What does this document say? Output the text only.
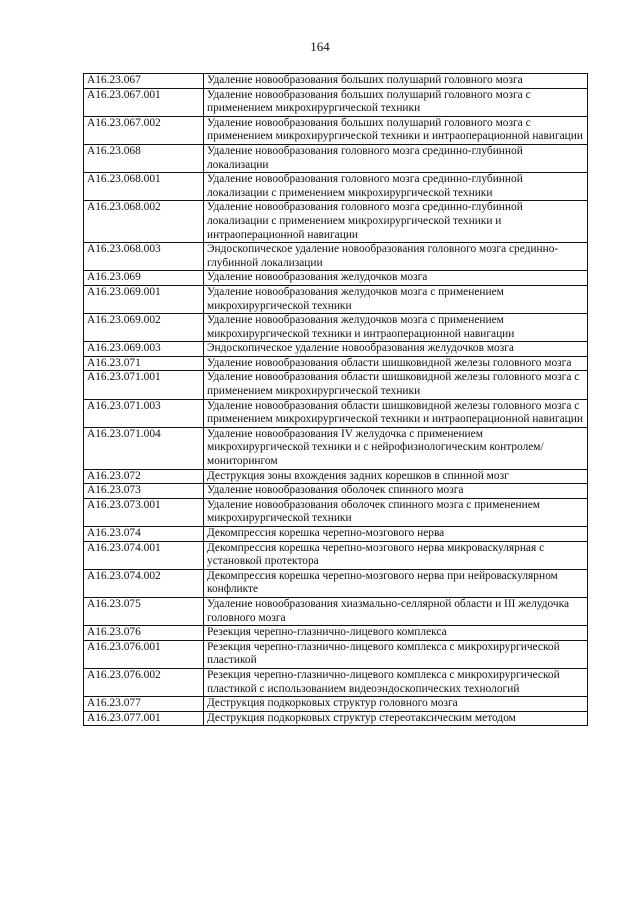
164
A16.23.067	Удаление новообразования больших полушарий головного мозга
A16.23.067.001	Удаление новообразования больших полушарий головного мозга с применением микрохирургической техники
A16.23.067.002	Удаление новообразования больших полушарий головного мозга с применением микрохирургической техники и интраоперационной навигации
A16.23.068	Удаление новообразования головного мозга срединно-глубинной локализации
A16.23.068.001	Удаление новообразования головного мозга срединно-глубинной локализации с применением микрохирургической техники
A16.23.068.002	Удаление новообразования головного мозга срединно-глубинной локализации с применением микрохирургической техники и интраоперационной навигации
A16.23.068.003	Эндоскопическое удаление новообразования головного мозга срединно-глубинной локализации
A16.23.069	Удаление новообразования желудочков мозга
A16.23.069.001	Удаление новообразования желудочков мозга с применением микрохирургической техники
A16.23.069.002	Удаление новообразования желудочков мозга с применением микрохирургической техники и интраоперационной навигации
A16.23.069.003	Эндоскопическое удаление новообразования желудочков мозга
A16.23.071	Удаление новообразования области шишковидной железы головного мозга
A16.23.071.001	Удаление новообразования области шишковидной железы головного мозга с применением микрохирургической техники
A16.23.071.003	Удаление новообразования области шишковидной железы головного мозга с применением микрохирургической техники и интраоперационной навигации
A16.23.071.004	Удаление новообразования IV желудочка с применением микрохирургической техники и с нейрофизиологическим контролем/мониторингом
A16.23.072	Деструкция зоны вхождения задних корешков в спинной мозг
A16.23.073	Удаление новообразования оболочек спинного мозга
A16.23.073.001	Удаление новообразования оболочек спинного мозга с применением микрохирургической техники
A16.23.074	Декомпрессия корешка черепно-мозгового нерва
A16.23.074.001	Декомпрессия корешка черепно-мозгового нерва микроваскулярная с установкой протектора
A16.23.074.002	Декомпрессия корешка черепно-мозгового нерва при нейроваскулярном конфликте
A16.23.075	Удаление новообразования хиазмально-селлярной области и III желудочка головного мозга
A16.23.076	Резекция черепно-глазнично-лицевого комплекса
A16.23.076.001	Резекция черепно-глазнично-лицевого комплекса с микрохирургической пластикой
A16.23.076.002	Резекция черепно-глазнично-лицевого комплекса с микрохирургической пластикой с использованием видеоэндоскопических технологий
A16.23.077	Деструкция подкорковых структур головного мозга
A16.23.077.001	Деструкция подкорковых структур стереотаксическим методом
